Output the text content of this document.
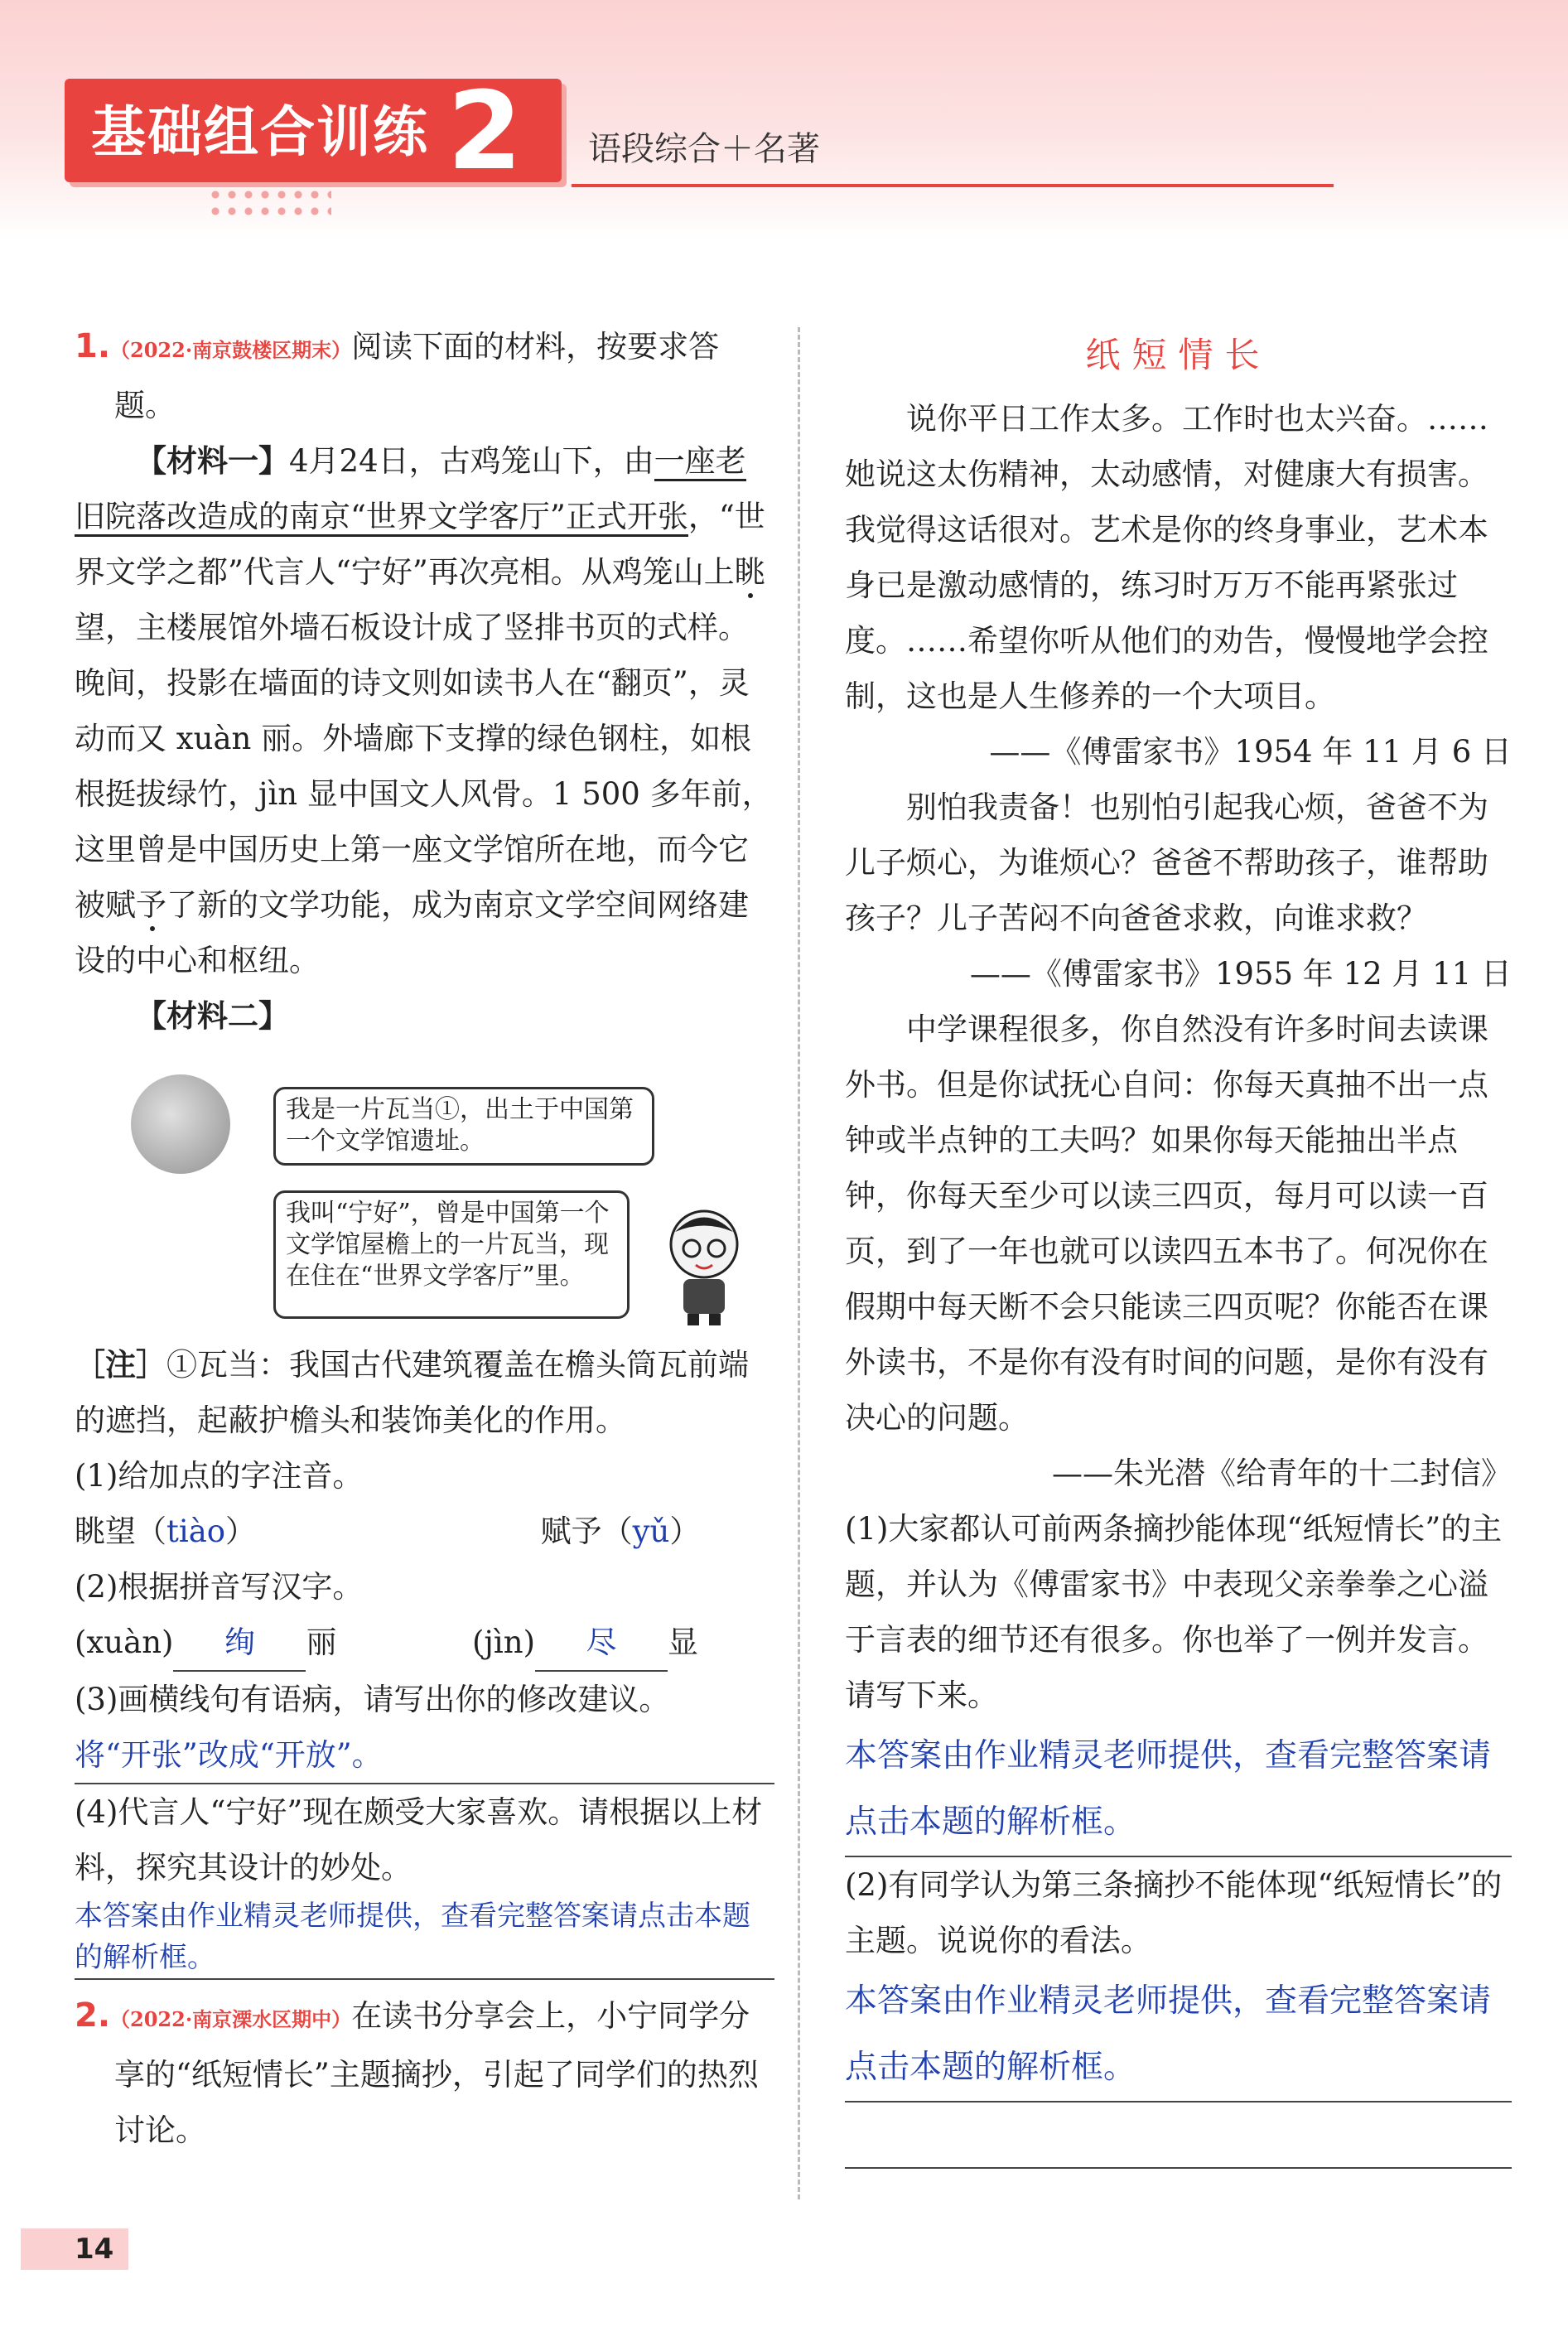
基础组合训练 2	语段综合＋名著

1.（2022·南京鼓楼区期末）阅读下面的材料，按要求答题。

【材料一】4月24日，古鸡笼山下，由一座老旧院落改造成的南京“世界文学客厅”正式开张，“世界文学之都”代言人“宁好”再次亮相。从鸡笼山上眺望，主楼展馆外墙石板设计成了竖排书页的式样。晚间，投影在墙面的诗文则如读书人在“翻页”，灵动而又 xuàn 丽。外墙廊下支撑的绿色钢柱，如根根挺拔绿竹，jìn 显中国文人风骨。1 500 多年前，这里曾是中国历史上第一座文学馆所在地，而今它被赋予了新的文学功能，成为南京文学空间网络建设的中心和枢纽。

【材料二】

我是一片瓦当①，出土于中国第一个文学馆遗址。
我叫“宁好”，曾是中国第一个文学馆屋檐上的一片瓦当，现在住在“世界文学客厅”里。

［注］①瓦当：我国古代建筑覆盖在檐头筒瓦前端的遮挡，起蔽护檐头和装饰美化的作用。

(1)给加点的字注音。

眺望（tiào）	赋予（yǔ）

(2)根据拼音写汉字。

(xuàn) 绚 丽	(jìn) 尽 显

(3)画横线句有语病，请写出你的修改建议。

将“开张”改成“开放”。

(4)代言人“宁好”现在颇受大家喜欢。请根据以上材料，探究其设计的妙处。

本答案由作业精灵老师提供，查看完整答案请点击本题的解析框。

2.（2022·南京溧水区期中）在读书分享会上，小宁同学分享的“纸短情长”主题摘抄，引起了同学们的热烈讨论。

纸短情长

说你平日工作太多。工作时也太兴奋。……她说这太伤精神，太动感情，对健康大有损害。我觉得这话很对。艺术是你的终身事业，艺术本身已是激动感情的，练习时万万不能再紧张过度。……希望你听从他们的劝告，慢慢地学会控制，这也是人生修养的一个大项目。

——《傅雷家书》1954 年 11 月 6 日

别怕我责备！也别怕引起我心烦，爸爸不为儿子烦心，为谁烦心？爸爸不帮助孩子，谁帮助孩子？儿子苦闷不向爸爸求救，向谁求救？

——《傅雷家书》1955 年 12 月 11 日

中学课程很多，你自然没有许多时间去读课外书。但是你试抚心自问：你每天真抽不出一点钟或半点钟的工夫吗？如果你每天能抽出半点钟，你每天至少可以读三四页，每月可以读一百页，到了一年也就可以读四五本书了。何况你在假期中每天断不会只能读三四页呢？你能否在课外读书，不是你有没有时间的问题，是你有没有决心的问题。

——朱光潜《给青年的十二封信》

(1)大家都认可前两条摘抄能体现“纸短情长”的主题，并认为《傅雷家书》中表现父亲拳拳之心溢于言表的细节还有很多。你也举了一例并发言。请写下来。

本答案由作业精灵老师提供，查看完整答案请点击本题的解析框。

(2)有同学认为第三条摘抄不能体现“纸短情长”的主题。说说你的看法。

本答案由作业精灵老师提供，查看完整答案请点击本题的解析框。

14
